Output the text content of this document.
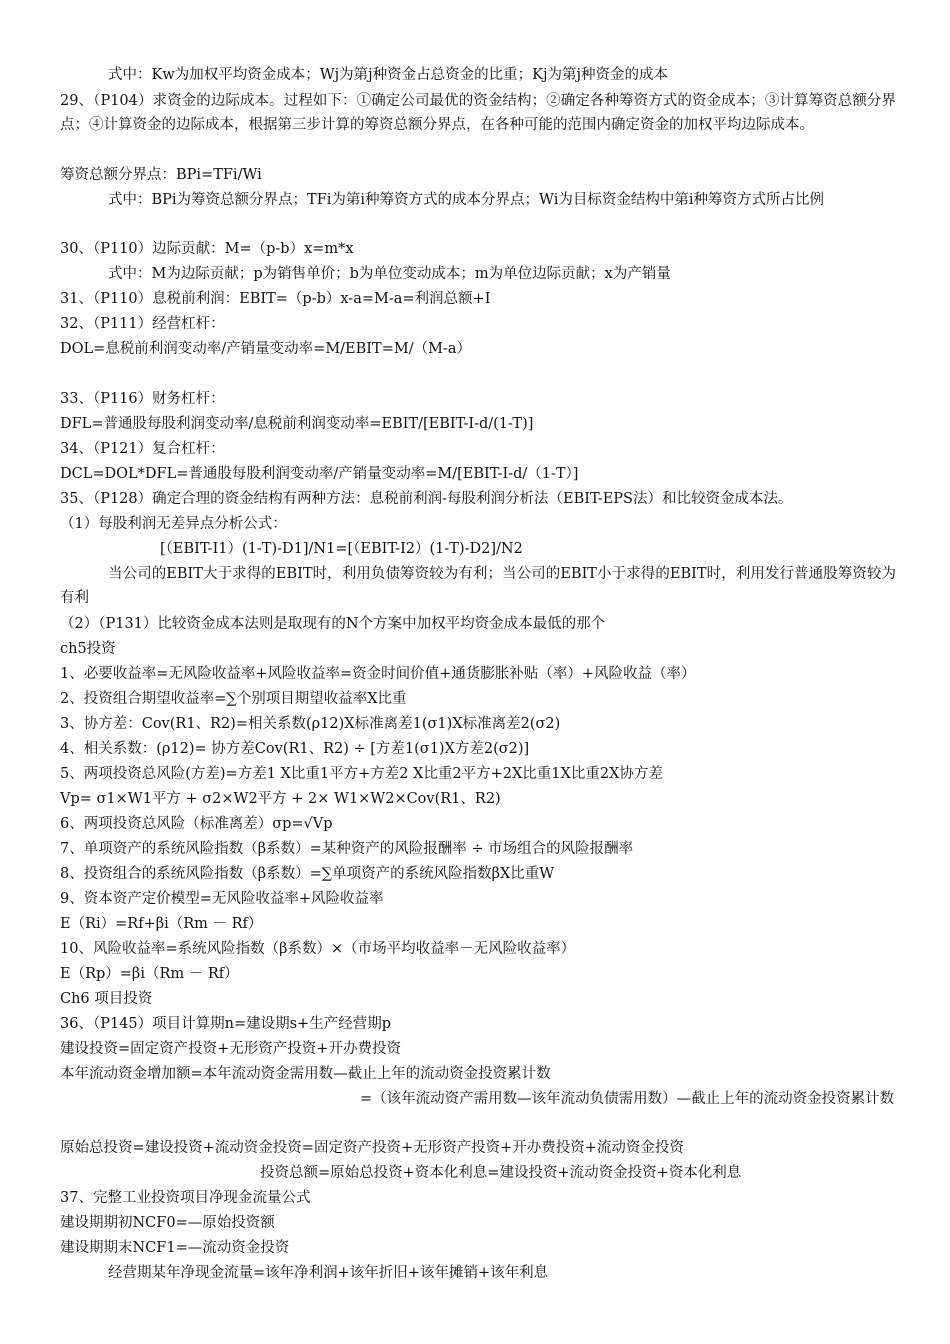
式中：Kw为加权平均资金成本；Wj为第j种资金占总资金的比重；Kj为第j种资金的成本
29、（P104）求资金的边际成本。过程如下：①确定公司最优的资金结构；②确定各种筹资方式的资金成本；③计算筹资总额分界点；④计算资金的边际成本，根据第三步计算的筹资总额分界点，在各种可能的范围内确定资金的加权平均边际成本。
筹资总额分界点：BPi=TFi/Wi
式中：BPi为筹资总额分界点；TFi为第i种筹资方式的成本分界点；Wi为目标资金结构中第i种筹资方式所占比例
30、（P110）边际贡献：M=（p-b）x=m*x
式中：M为边际贡献；p为销售单价；b为单位变动成本；m为单位边际贡献；x为产销量
31、（P110）息税前利润：EBIT=（p-b）x-a=M-a=利润总额+I
32、（P111）经营杠杆：
DOL=息税前利润变动率/产销量变动率=M/EBIT=M/（M-a）
33、（P116）财务杠杆：
DFL=普通股每股利润变动率/息税前利润变动率=EBIT/[EBIT-I-d/(1-T)]
34、（P121）复合杠杆：
DCL=DOL*DFL=普通股每股利润变动率/产销量变动率=M/[EBIT-I-d/（1-T）]
35、（P128）确定合理的资金结构有两种方法：息税前利润-每股利润分析法（EBIT-EPS法）和比较资金成本法。
（1）每股利润无差异点分析公式：
[（EBIT-I1）(1-T)-D1]/N1=[（EBIT-I2）(1-T)-D2]/N2
当公司的EBIT大于求得的EBIT时，利用负债筹资较为有利；当公司的EBIT小于求得的EBIT时，利用发行普通股筹资较为有利
（2）（P131）比较资金成本法则是取现有的N个方案中加权平均资金成本最低的那个
ch5投资
1、必要收益率=无风险收益率+风险收益率=资金时间价值+通货膨胀补贴（率）+风险收益（率）
2、投资组合期望收益率=∑个别项目期望收益率X比重
3、协方差：Cov(R1、R2)=相关系数(ρ12)X标准离差1(σ1)X标准离差2(σ2)
4、相关系数：(ρ12)= 协方差Cov(R1、R2) ÷ [方差1(σ1)X方差2(σ2)]
5、两项投资总风险(方差)=方差1 X比重1平方+方差2 X比重2平方+2X比重1X比重2X协方差
Vp= σ1×W1平方 + σ2×W2平方 + 2× W1×W2×Cov(R1、R2)
6、两项投资总风险（标准离差）σp=√Vp
7、单项资产的系统风险指数（β系数）=某种资产的风险报酬率 ÷ 市场组合的风险报酬率
8、投资组合的系统风险指数（β系数）=∑单项资产的系统风险指数βX比重W
9、资本资产定价模型=无风险收益率+风险收益率
E（Ri）=Rf+βi（Rm － Rf）
10、风险收益率=系统风险指数（β系数）×（市场平均收益率－无风险收益率）
E（Rp）=βi（Rm － Rf）
Ch6 项目投资
36、（P145）项目计算期n=建设期s+生产经营期p
建设投资=固定资产投资+无形资产投资+开办费投资
本年流动资金增加额=本年流动资金需用数—截止上年的流动资金投资累计数
=（该年流动资产需用数—该年流动负债需用数）—截止上年的流动资金投资累计数
原始总投资=建设投资+流动资金投资=固定资产投资+无形资产投资+开办费投资+流动资金投资
投资总额=原始总投资+资本化利息=建设投资+流动资金投资+资本化利息
37、完整工业投资项目净现金流量公式
建设期期初NCF0=—原始投资额
建设期期末NCF1=—流动资金投资
经营期某年净现金流量=该年净利润+该年折旧+该年摊销+该年利息
